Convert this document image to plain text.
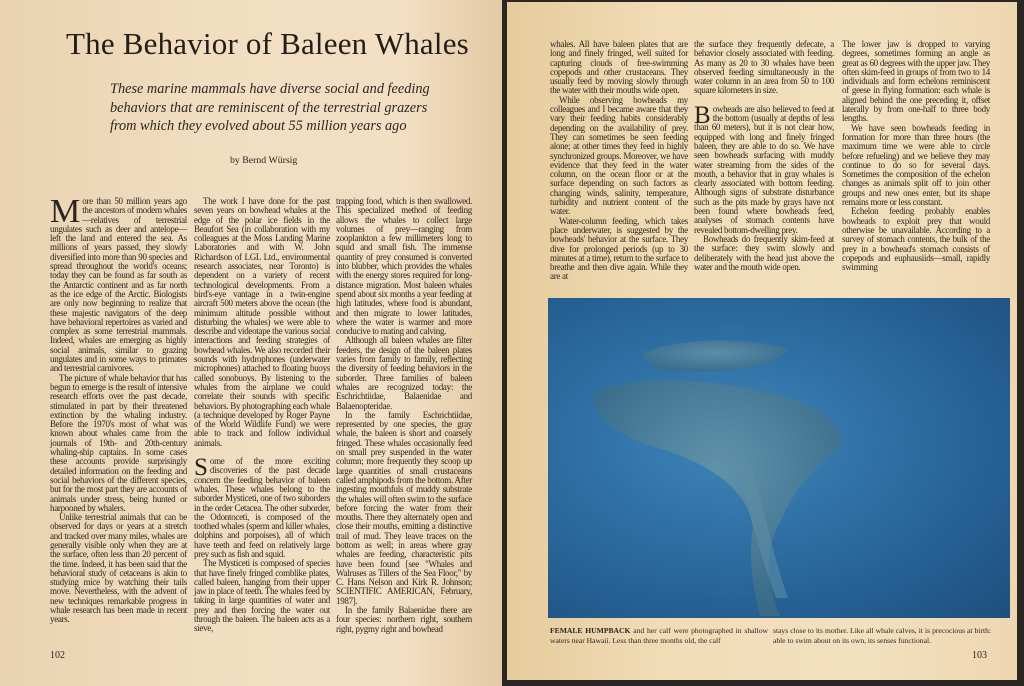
The Behavior of Baleen Whales
These marine mammals have diverse social and feeding behaviors that are reminiscent of the terrestrial grazers from which they evolved about 55 million years ago
by Bernd Würsig

More than 50 million years ago the ancestors of modern whales—relatives of terrestrial ungulates such as deer and antelope—left the land and entered the sea. As millions of years passed, they slowly diversified into more than 90 species and spread throughout the world's oceans; today they can be found as far south as the Antarctic continent and as far north as the ice edge of the Arctic. Biologists are only now beginning to realize that these majestic navigators of the deep have behavioral repertoires as varied and complex as some terrestrial mammals. Indeed, whales are emerging as highly social animals, similar to grazing ungulates and in some ways to primates and terrestrial carnivores.

The picture of whale behavior that has begun to emerge is the result of intensive research efforts over the past decade, stimulated in part by their threatened extinction by the whaling industry. Before the 1970's most of what was known about whales came from the journals of 19th- and 20th-century whaling-ship captains. In some cases these accounts provide surprisingly detailed information on the feeding and social behaviors of the different species, but for the most part they are accounts of animals under stress, being hunted or harpooned by whalers.

Unlike terrestrial animals that can be observed for days or years at a stretch and tracked over many miles, whales are generally visible only when they are at the surface, often less than 20 percent of the time. Indeed, it has been said that the behavioral study of cetaceans is akin to studying mice by watching their tails move. Nevertheless, with the advent of new techniques remarkable progress in whale research has been made in recent years.

The work I have done for the past seven years on bowhead whales at the edge of the polar ice fields in the Beaufort Sea (in collaboration with my colleagues at the Moss Landing Marine Laboratories and with W. John Richardson of LGL Ltd., environmental research associates, near Toronto) is dependent on a variety of recent technological developments. From a bird's-eye vantage in a twin-engine aircraft 500 meters above the ocean (the minimum altitude possible without disturbing the whales) we were able to describe and videotape the various social interactions and feeding strategies of bowhead whales. We also recorded their sounds with hydrophones (underwater microphones) attached to floating buoys called sonobuoys. By listening to the whales from the airplane we could correlate their sounds with specific behaviors. By photographing each whale (a technique developed by Roger Payne of the World Wildlife Fund) we were able to track and follow individual animals.

Some of the more exciting discoveries of the past decade concern the feeding behavior of baleen whales. These whales belong to the suborder Mysticeti, one of two suborders in the order Cetacea. The other suborder, the Odontoceti, is composed of the toothed whales (sperm and killer whales, dolphins and porpoises), all of which have teeth and feed on relatively large prey such as fish and squid.

The Mysticeti is composed of species that have finely fringed comblike plates, called baleen, hanging from their upper jaw in place of teeth. The whales feed by taking in large quantities of water and prey and then forcing the water out through the baleen. The baleen acts as a sieve,

trapping food, which is then swallowed. This specialized method of feeding allows the whales to collect large volumes of prey—ranging from zooplankton a few millimeters long to squid and small fish. The immense quantity of prey consumed is converted into blubber, which provides the whales with the energy stores required for long-distance migration. Most baleen whales spend about six months a year feeding at high latitudes, where food is abundant, and then migrate to lower latitudes, where the water is warmer and more conducive to mating and calving.

Although all baleen whales are filter feeders, the design of the baleen plates varies from family to family, reflecting the diversity of feeding behaviors in the suborder. Three families of baleen whales are recognized today: the Eschrichtiidae, Balaenidae and Balaenopteridae.

In the family Eschrichtiidae, represented by one species, the gray whale, the baleen is short and coarsely fringed. These whales occasionally feed on small prey suspended in the water column; more frequently they scoop up large quantities of small crustaceans called amphipods from the bottom. After ingesting mouthfuls of muddy substrate the whales will often swim to the surface before forcing the water from their mouths. There they alternately open and close their mouths, emitting a distinctive trail of mud. They leave traces on the bottom as well; in areas where gray whales are feeding, characteristic pits have been found [see "Whales and Walruses as Tillers of the Sea Floor," by C. Hans Nelson and Kirk R. Johnson; SCIENTIFIC AMERICAN, February, 1987].

In the family Balaenidae there are four species: northern right, southern right, pygmy right and bowhead

102

whales. All have baleen plates that are long and finely fringed, well suited for capturing clouds of free-swimming copepods and other crustaceans. They usually feed by moving slowly through the water with their mouths wide open.

While observing bowheads my colleagues and I became aware that they vary their feeding habits considerably depending on the availability of prey. They can sometimes be seen feeding alone; at other times they feed in highly synchronized groups. Moreover, we have evidence that they feed in the water column, on the ocean floor or at the surface depending on such factors as changing winds, salinity, temperature, turbidity and nutrient content of the water.

Water-column feeding, which takes place underwater, is suggested by the bowheads' behavior at the surface. They dive for prolonged periods (up to 30 minutes at a time), return to the surface to breathe and then dive again. While they are at

the surface they frequently defecate, a behavior closely associated with feeding. As many as 20 to 30 whales have been observed feeding simultaneously in the water column in an area from 50 to 100 square kilometers in size.

Bowheads are also believed to feed at the bottom (usually at depths of less than 60 meters), but it is not clear how, equipped with long and finely fringed baleen, they are able to do so. We have seen bowheads surfacing with muddy water streaming from the sides of the mouth, a behavior that in gray whales is clearly associated with bottom feeding. Although signs of substrate disturbance such as the pits made by grays have not been found where bowheads feed, analyses of stomach contents have revealed bottom-dwelling prey.

Bowheads do frequently skim-feed at the surface: they swim slowly and deliberately with the head just above the water and the mouth wide open.

The lower jaw is dropped to varying degrees, sometimes forming an angle as great as 60 degrees with the upper jaw. They often skim-feed in groups of from two to 14 individuals and form echelons reminiscent of geese in flying formation: each whale is aligned behind the one preceding it, offset laterally by from one-half to three body lengths.

We have seen bowheads feeding in formation for more than three hours (the maximum time we were able to circle before refueling) and we believe they may continue to do so for several days. Sometimes the composition of the echelon changes as animals split off to join other groups and new ones enter, but its shape remains more or less constant.

Echelon feeding probably enables bowheads to exploit prey that would otherwise be unavailable. According to a survey of stomach contents, the bulk of the prey in a bowhead's stomach consists of copepods and euphausiids—small, rapidly swimming

FEMALE HUMPBACK and her calf were photographed in shallow waters near Hawaii. Less than three months old, the calf
stays close to its mother. Like all whale calves, it is precocious at birth: able to swim about on its own, its senses functional.
103
